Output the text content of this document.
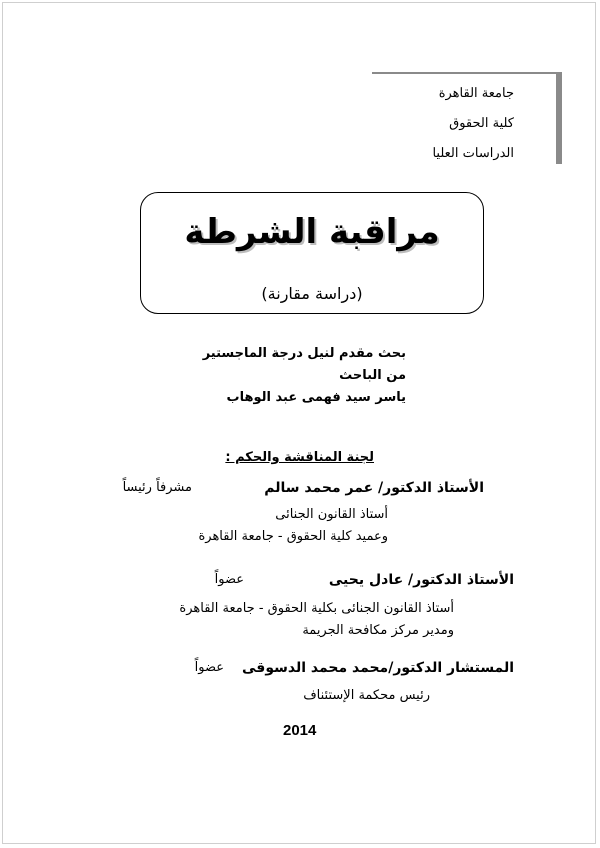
جامعة القاهرة
كلية الحقوق
الدراسات العليا
مراقبة الشرطة
(دراسة مقارنة)
بحث مقدم لنيل درجة الماجستير
من الباحث
ياسر سيد فهمى عبد الوهاب
لجنة المناقشة والحكم :
الأستاذ الدكتور/ عمر محمد سالم
مشرفاً رئيساً
أستاذ القانون الجنائى
وعميد كلية الحقوق - جامعة القاهرة
الأستاذ الدكتور/ عادل يحيى
عضواً
أستاذ القانون الجنائى بكلية الحقوق - جامعة القاهرة
ومدير مركز مكافحة الجريمة
المستشار الدكتور/محمد محمد الدسوقى
عضواً
رئيس محكمة الإستئناف
2014
